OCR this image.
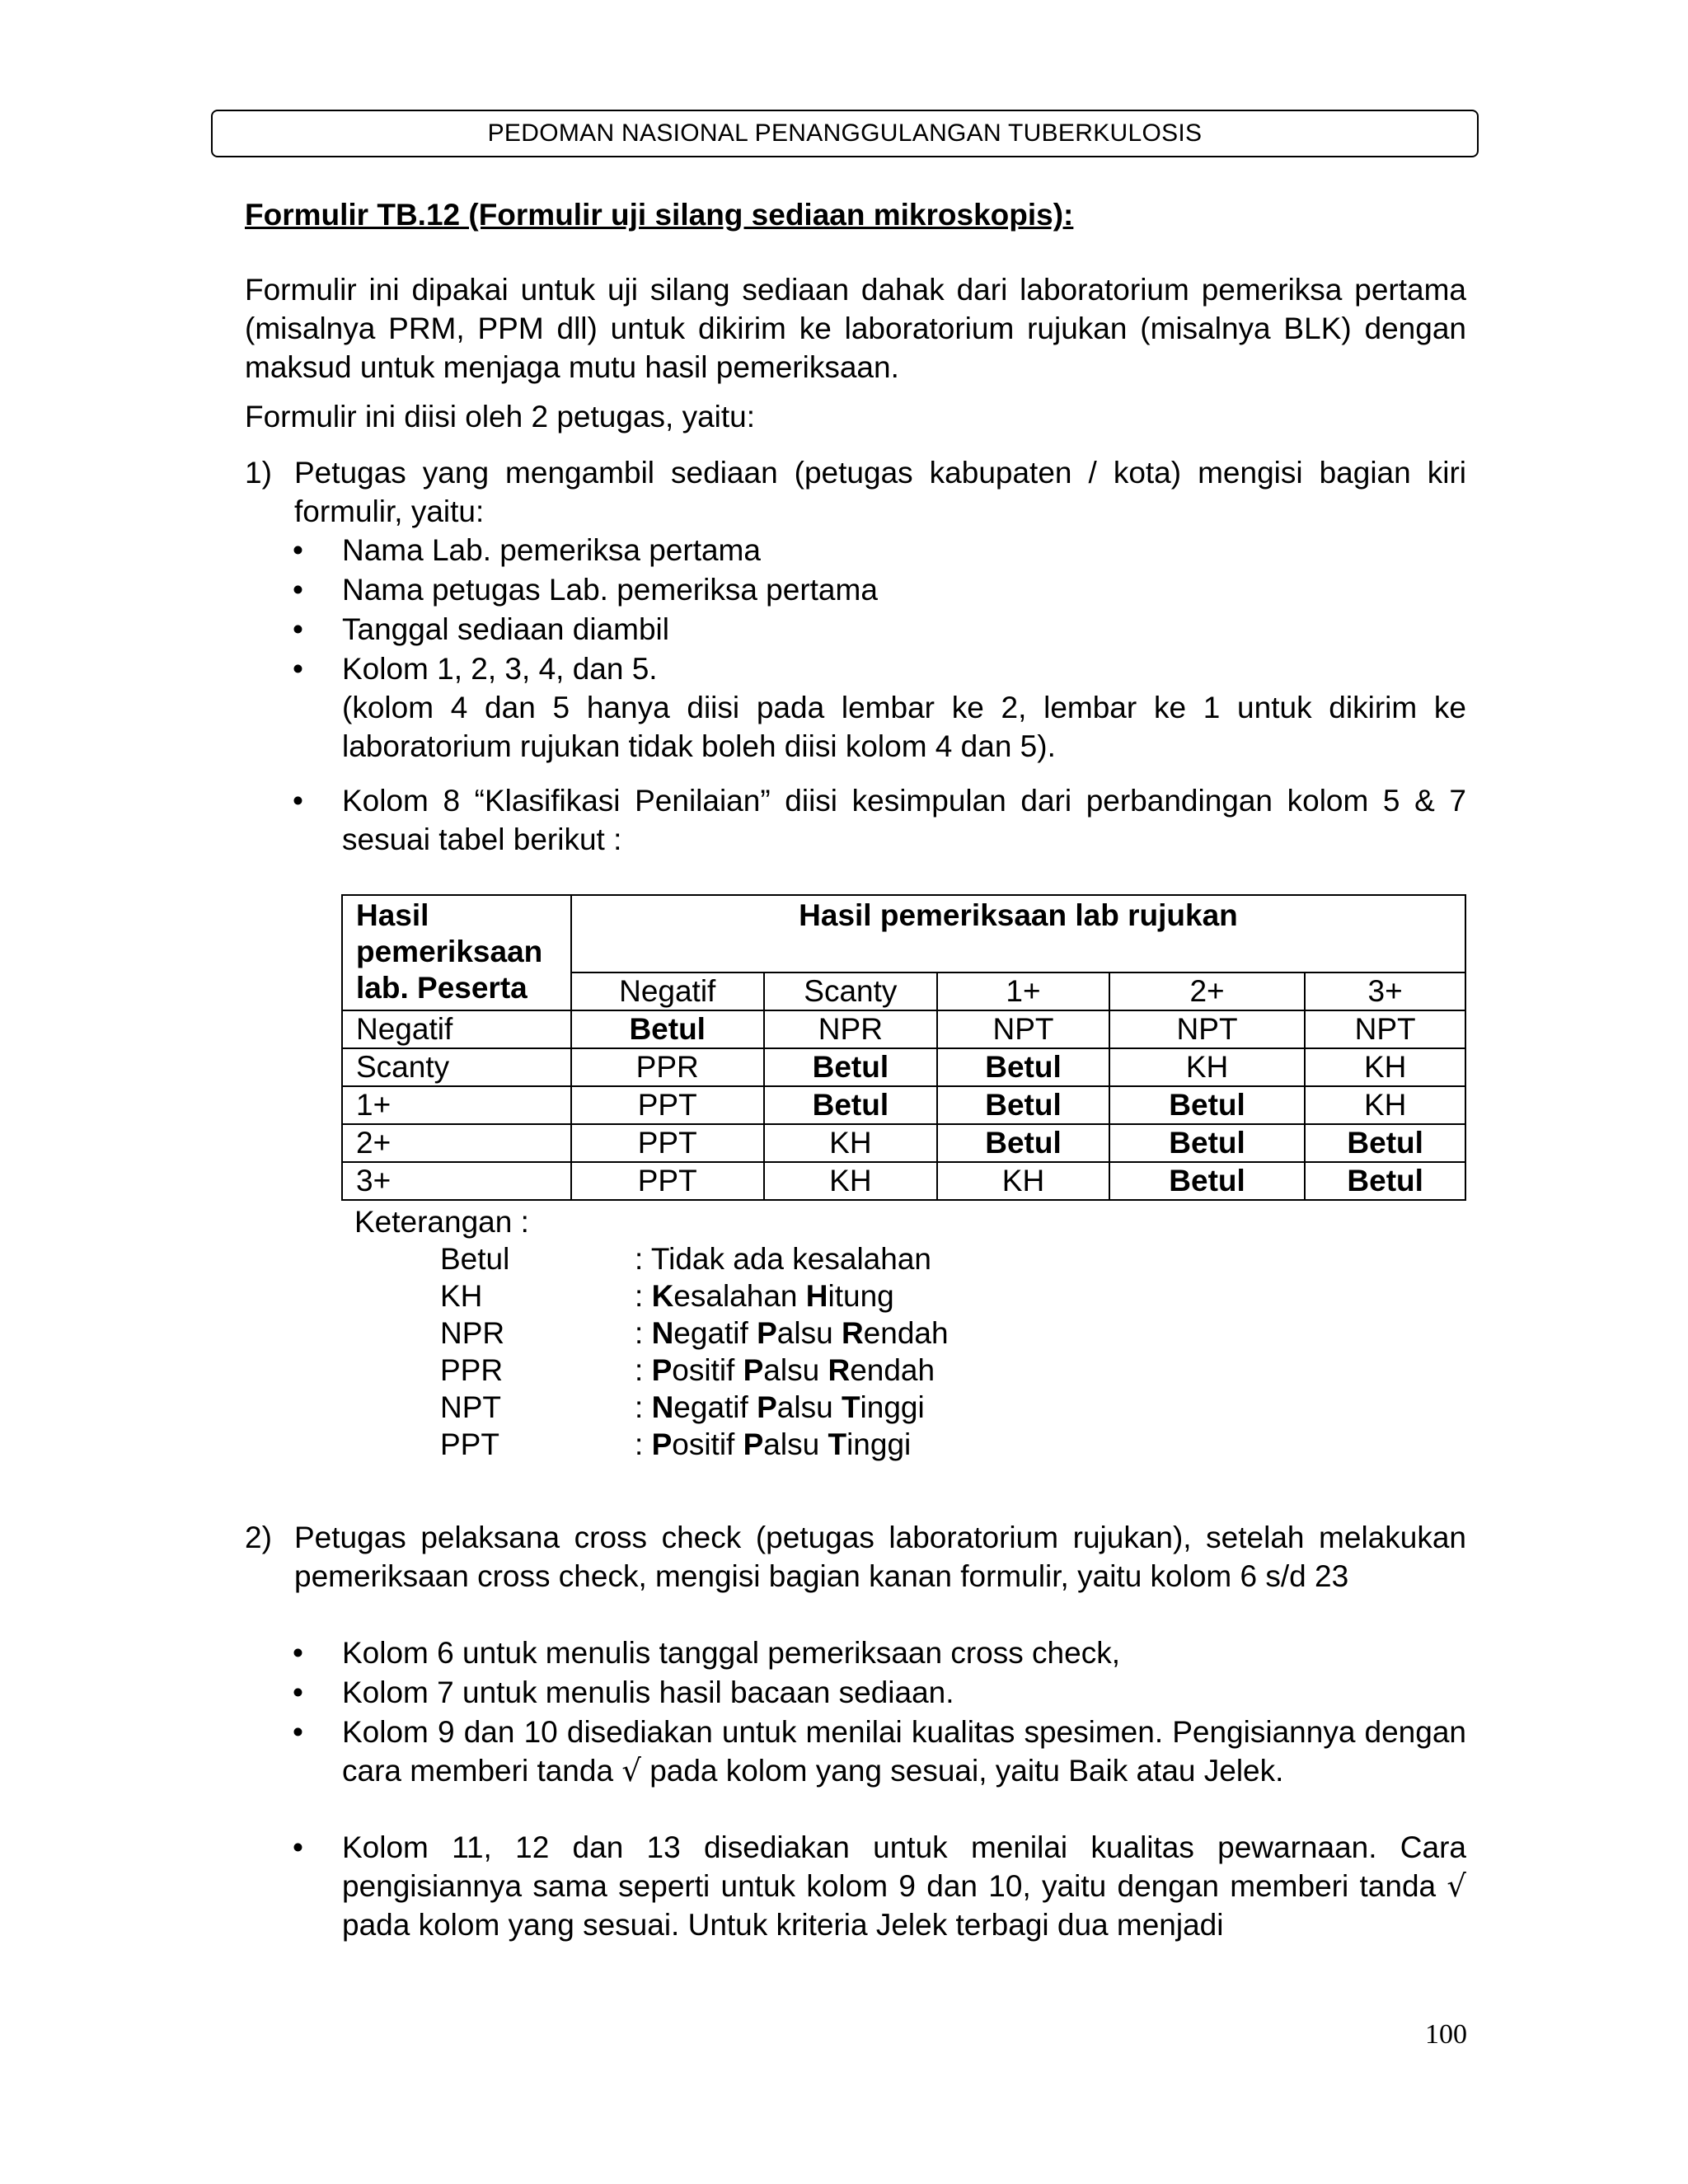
PEDOMAN NASIONAL PENANGGULANGAN TUBERKULOSIS
Formulir TB.12 (Formulir uji silang sediaan mikroskopis):
Formulir ini dipakai untuk uji silang sediaan dahak dari laboratorium pemeriksa pertama (misalnya PRM, PPM dll) untuk dikirim ke laboratorium rujukan (misalnya BLK) dengan maksud untuk menjaga mutu hasil pemeriksaan.
Formulir ini diisi oleh 2 petugas, yaitu:
1) Petugas yang mengambil sediaan (petugas kabupaten / kota) mengisi bagian kiri formulir, yaitu:
• Nama Lab. pemeriksa pertama
• Nama petugas Lab. pemeriksa pertama
• Tanggal sediaan diambil
• Kolom 1, 2, 3, 4, dan 5.
(kolom 4 dan 5 hanya diisi pada lembar ke 2, lembar ke 1 untuk dikirim ke laboratorium rujukan tidak boleh diisi kolom 4 dan 5).
• Kolom 8 “Klasifikasi Penilaian” diisi kesimpulan dari perbandingan kolom 5 & 7 sesuai tabel berikut :
Hasil pemeriksaan lab. Peserta	Hasil pemeriksaan lab rujukan				
	Negatif	Scanty	1+	2+	3+
Negatif	Betul	NPR	NPT	NPT	NPT
Scanty	PPR	Betul	Betul	KH	KH
1+	PPT	Betul	Betul	Betul	KH
2+	PPT	KH	Betul	Betul	Betul
3+	PPT	KH	KH	Betul	Betul
Keterangan :
Betul	: Tidak ada kesalahan
KH	: Kesalahan Hitung
NPR	: Negatif Palsu Rendah
PPR	: Positif Palsu Rendah
NPT	: Negatif Palsu Tinggi
PPT	: Positif Palsu Tinggi
2) Petugas pelaksana cross check (petugas laboratorium rujukan), setelah melakukan pemeriksaan cross check, mengisi bagian kanan formulir, yaitu kolom 6 s/d 23
• Kolom 6 untuk menulis tanggal pemeriksaan cross check,
• Kolom 7 untuk menulis hasil bacaan sediaan.
• Kolom 9 dan 10 disediakan untuk menilai kualitas spesimen. Pengisiannya dengan cara memberi tanda √ pada kolom yang sesuai, yaitu Baik atau Jelek.
• Kolom 11, 12 dan 13 disediakan untuk menilai kualitas pewarnaan. Cara pengisiannya sama seperti untuk kolom 9 dan 10, yaitu dengan memberi tanda √ pada kolom yang sesuai. Untuk kriteria Jelek terbagi dua menjadi
100
